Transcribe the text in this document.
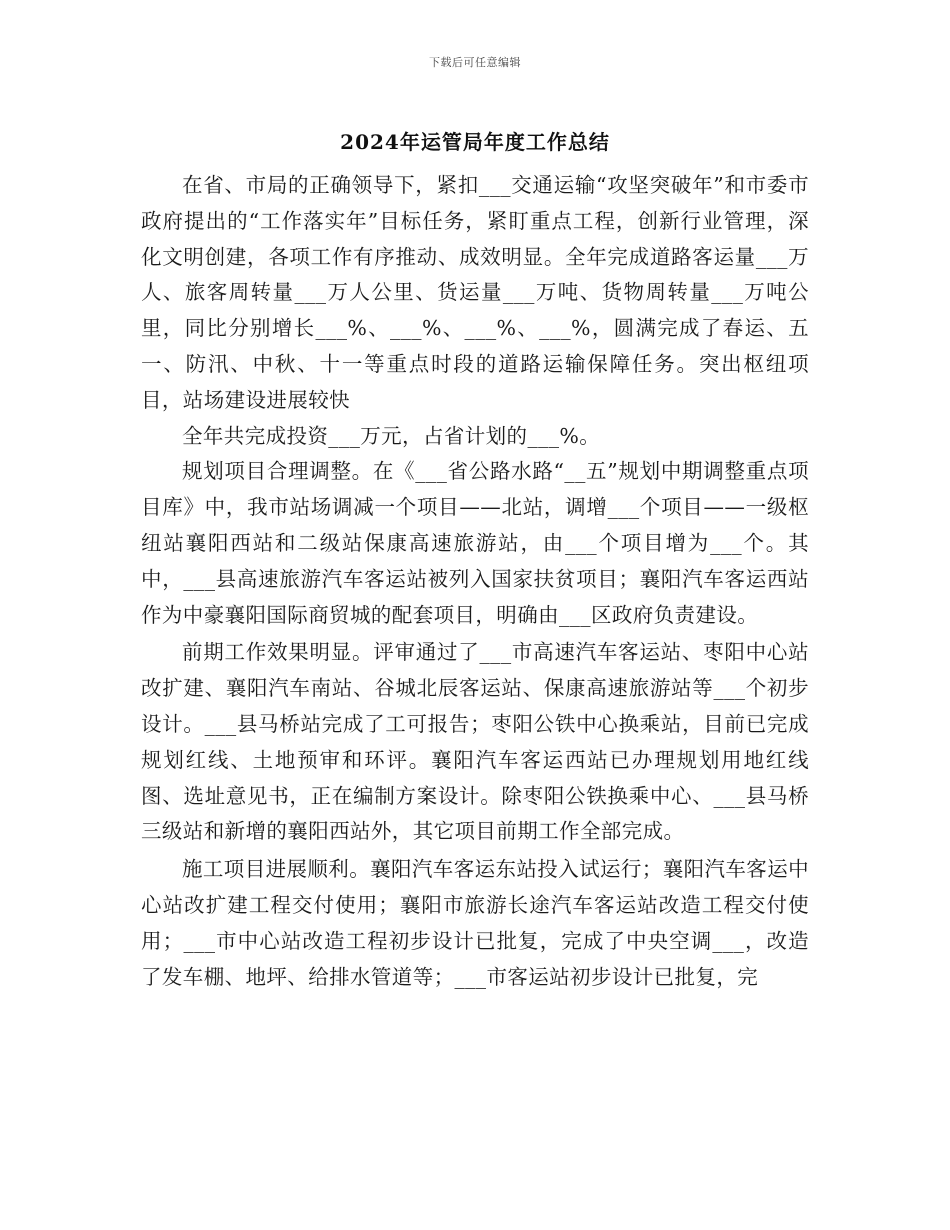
下载后可任意编辑
2024年运管局年度工作总结

在省、市局的正确领导下，紧扣___交通运输“攻坚突破年”和市委市政府提出的“工作落实年”目标任务，紧盯重点工程，创新行业管理，深化文明创建，各项工作有序推动、成效明显。全年完成道路客运量___万人、旅客周转量___万人公里、货运量___万吨、货物周转量___万吨公里，同比分别增长___%、___%、___%、___%，圆满完成了春运、五一、防汛、中秋、十一等重点时段的道路运输保障任务。突出枢纽项目，站场建设进展较快

全年共完成投资___万元，占省计划的___%。

规划项目合理调整。在《___省公路水路“__五”规划中期调整重点项目库》中，我市站场调减一个项目——北站，调增___个项目——一级枢纽站襄阳西站和二级站保康高速旅游站，由___个项目增为___个。其中，___县高速旅游汽车客运站被列入国家扶贫项目；襄阳汽车客运西站作为中豪襄阳国际商贸城的配套项目，明确由___区政府负责建设。

前期工作效果明显。评审通过了___市高速汽车客运站、枣阳中心站改扩建、襄阳汽车南站、谷城北辰客运站、保康高速旅游站等___个初步设计。___县马桥站完成了工可报告；枣阳公铁中心换乘站，目前已完成规划红线、土地预审和环评。襄阳汽车客运西站已办理规划用地红线图、选址意见书，正在编制方案设计。除枣阳公铁换乘中心、___县马桥三级站和新增的襄阳西站外，其它项目前期工作全部完成。

施工项目进展顺利。襄阳汽车客运东站投入试运行；襄阳汽车客运中心站改扩建工程交付使用；襄阳市旅游长途汽车客运站改造工程交付使用；___市中心站改造工程初步设计已批复，完成了中央空调___，改造了发车棚、地坪、给排水管道等；___市客运站初步设计已批复，完
